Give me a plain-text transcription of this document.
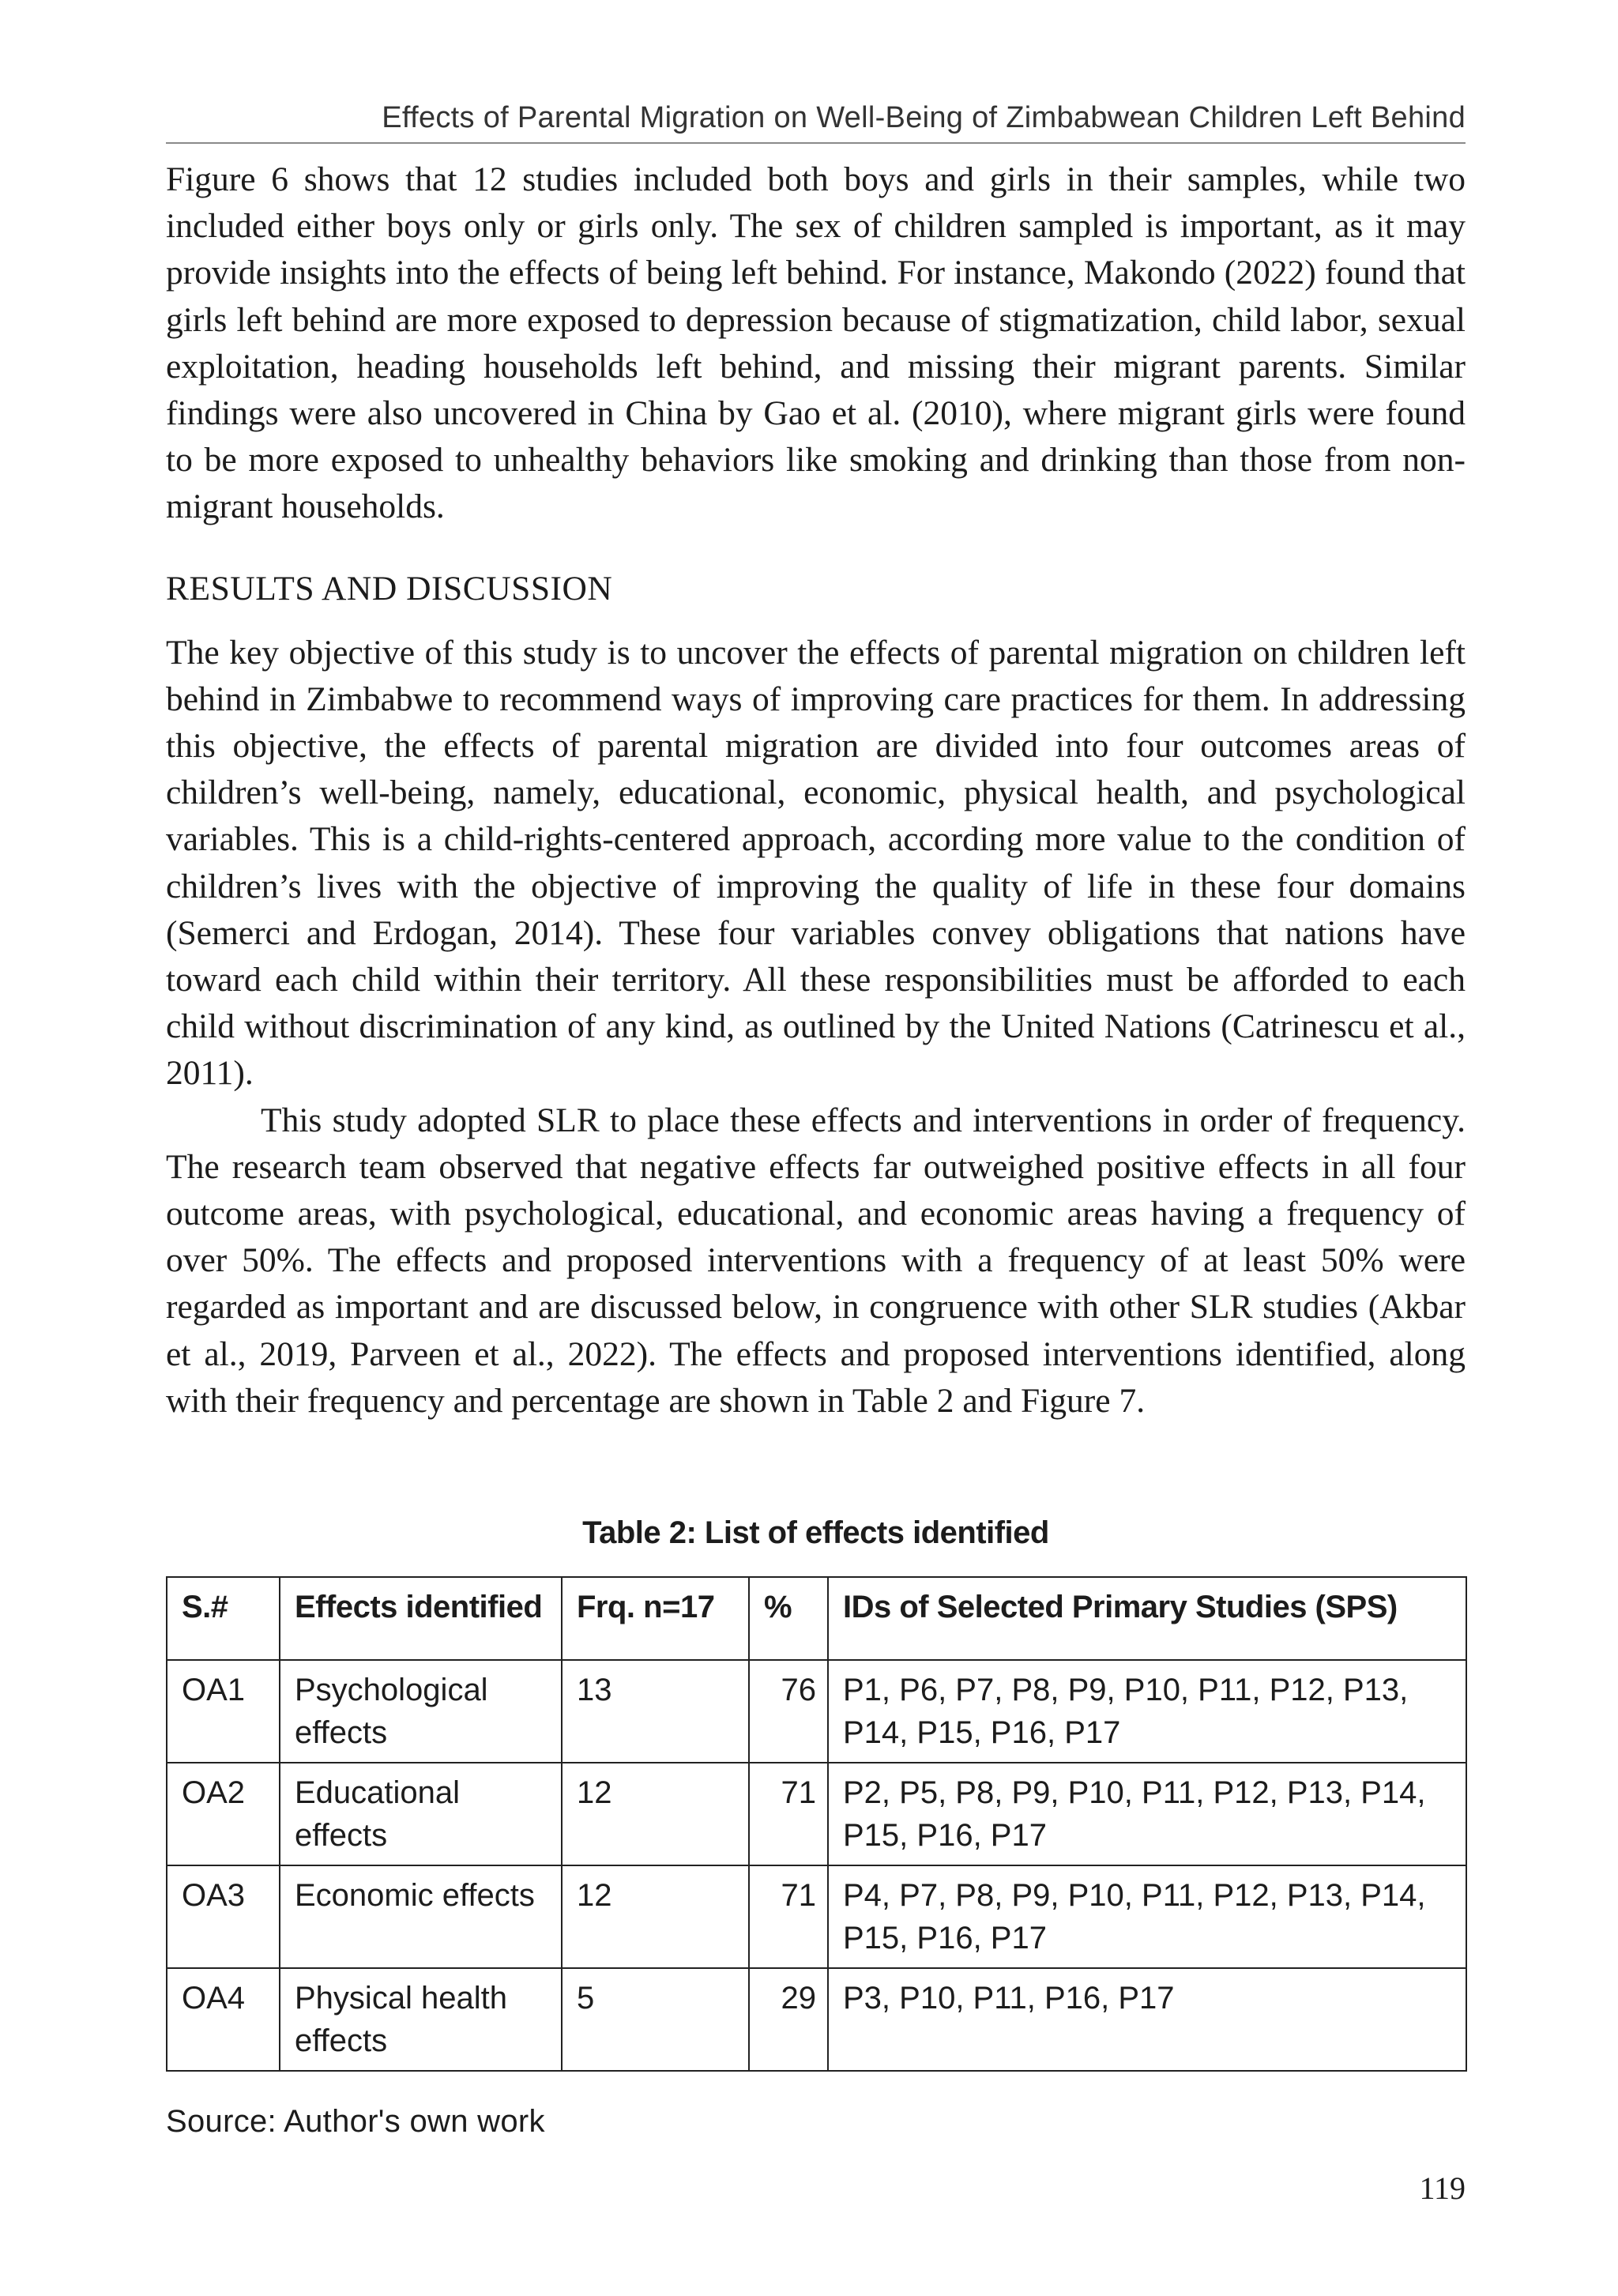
Effects of Parental Migration on Well-Being of Zimbabwean Children Left Behind

Figure 6 shows that 12 studies included both boys and girls in their samples, while two included either boys only or girls only. The sex of children sampled is important, as it may provide insights into the effects of being left behind. For instance, Makondo (2022) found that girls left behind are more exposed to depression because of stigmatization, child labor, sexual exploitation, heading households left behind, and missing their migrant parents. Similar findings were also uncovered in China by Gao et al. (2010), where migrant girls were found to be more exposed to unhealthy behaviors like smoking and drinking than those from non-migrant households.

RESULTS AND DISCUSSION

The key objective of this study is to uncover the effects of parental migration on children left behind in Zimbabwe to recommend ways of improving care practices for them. In addressing this objective, the effects of parental migration are divided into four outcomes areas of children’s well-being, namely, educational, economic, physical health, and psychological variables. This is a child-rights-centered approach, according more value to the condition of children’s lives with the objective of improving the quality of life in these four domains (Semerci and Erdogan, 2014). These four variables convey obligations that nations have toward each child within their territory. All these responsibilities must be afforded to each child without discrimination of any kind, as outlined by the United Nations (Catrinescu et al., 2011).

This study adopted SLR to place these effects and interventions in order of frequency. The research team observed that negative effects far outweighed positive effects in all four outcome areas, with psychological, educational, and economic areas having a frequency of over 50%. The effects and proposed interventions with a frequency of at least 50% were regarded as important and are discussed below, in congruence with other SLR studies (Akbar et al., 2019, Parveen et al., 2022). The effects and proposed interventions identified, along with their frequency and percentage are shown in Table 2 and Figure 7.

Table 2: List of effects identified
S.#	Effects identified	Frq. n=17	%	IDs of Selected Primary Studies (SPS)
OA1	Psychological effects	13	76	P1, P6, P7, P8, P9, P10, P11, P12, P13, P14, P15, P16, P17
OA2	Educational effects	12	71	P2, P5, P8, P9, P10, P11, P12, P13, P14, P15, P16, P17
OA3	Economic effects	12	71	P4, P7, P8, P9, P10, P11, P12, P13, P14, P15, P16, P17
OA4	Physical health effects	5	29	P3, P10, P11, P16, P17
Source: Author's own work
119
